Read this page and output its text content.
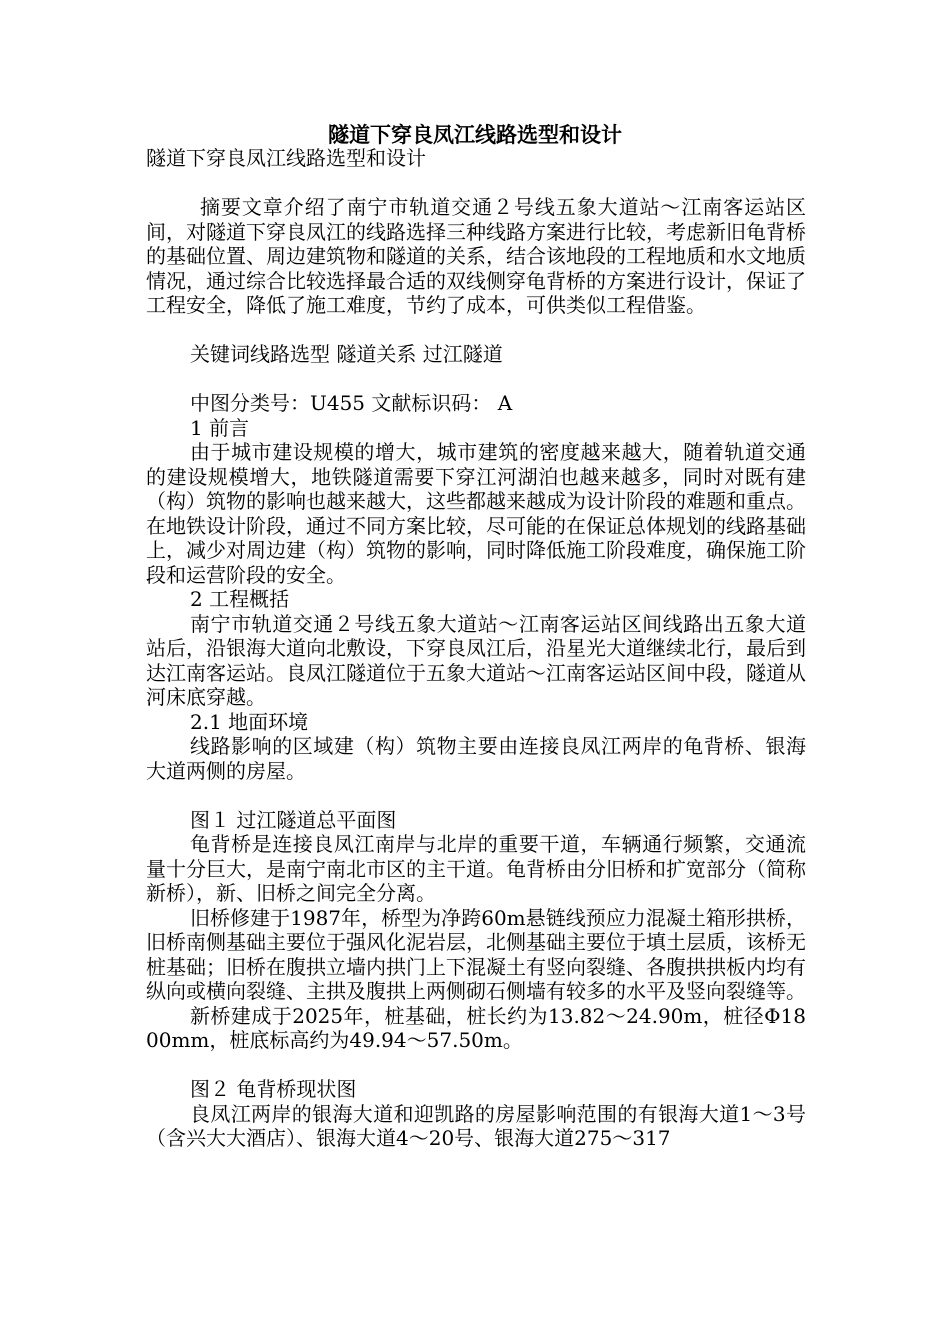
隧道下穿良凤江线路选型和设计

隧道下穿良凤江线路选型和设计

摘要文章介绍了南宁市轨道交通２号线五象大道站～江南客运站区间，对隧道下穿良凤江的线路选择三种线路方案进行比较，考虑新旧龟背桥的基础位置、周边建筑物和隧道的关系，结合该地段的工程地质和水文地质情况，通过综合比较选择最合适的双线侧穿龟背桥的方案进行设计，保证了工程安全，降低了施工难度，节约了成本，可供类似工程借鉴。

关键词线路选型 隧道关系 过江隧道

中图分类号：U455 文献标识码： A

1 前言

由于城市建设规模的增大，城市建筑的密度越来越大，随着轨道交通的建设规模增大，地铁隧道需要下穿江河湖泊也越来越多，同时对既有建（构）筑物的影响也越来越大，这些都越来越成为设计阶段的难题和重点。在地铁设计阶段，通过不同方案比较，尽可能的在保证总体规划的线路基础上，减少对周边建（构）筑物的影响，同时降低施工阶段难度，确保施工阶段和运营阶段的安全。

2 工程概括

南宁市轨道交通２号线五象大道站～江南客运站区间线路出五象大道站后，沿银海大道向北敷设，下穿良凤江后，沿星光大道继续北行，最后到达江南客运站。良凤江隧道位于五象大道站～江南客运站区间中段，隧道从河床底穿越。

2.1 地面环境

线路影响的区域建（构）筑物主要由连接良凤江两岸的龟背桥、银海大道两侧的房屋。

图１ 过江隧道总平面图

龟背桥是连接良凤江南岸与北岸的重要干道，车辆通行频繁，交通流量十分巨大，是南宁南北市区的主干道。龟背桥由分旧桥和扩宽部分（简称新桥），新、旧桥之间完全分离。

旧桥修建于1987年，桥型为净跨60m悬链线预应力混凝土箱形拱桥，旧桥南侧基础主要位于强风化泥岩层，北侧基础主要位于填土层质，该桥无桩基础；旧桥在腹拱立墙内拱门上下混凝土有竖向裂缝、各腹拱拱板内均有纵向或横向裂缝、主拱及腹拱上两侧砌石侧墙有较多的水平及竖向裂缝等。

新桥建成于2025年，桩基础，桩长约为13.82～24.90m，桩径Φ1800mm，桩底标高约为49.94～57.50m。

图２ 龟背桥现状图

良凤江两岸的银海大道和迎凯路的房屋影响范围的有银海大道1～3号（含兴大大酒店）、银海大道4～20号、银海大道275～317
